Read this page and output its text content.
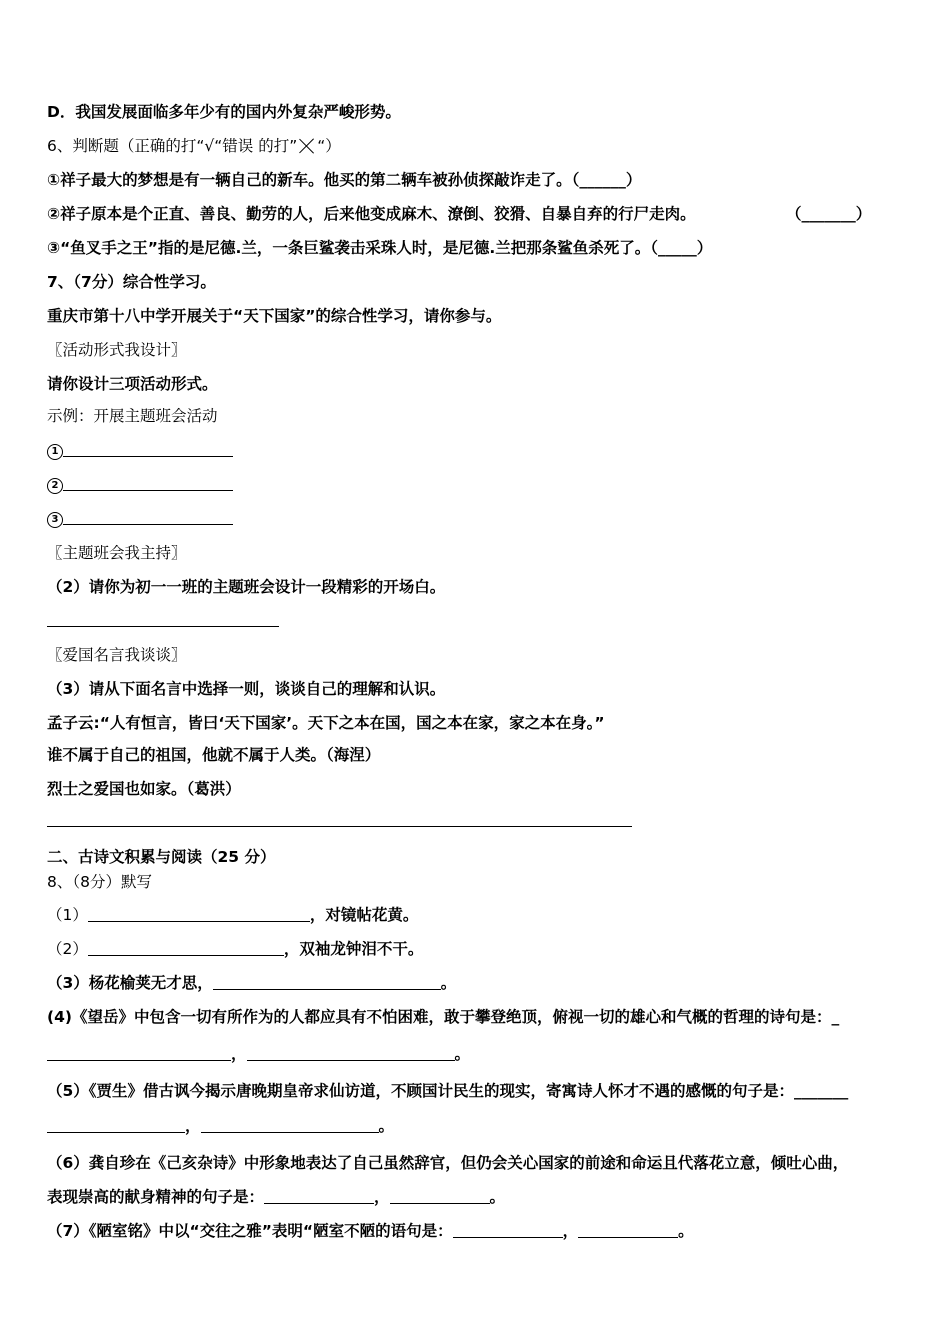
D．我国发展面临多年少有的国内外复杂严峻形势。
6、判断题（正确的打“√“错误 的打” “）
①祥子最大的梦想是有一辆自己的新车。他买的第二辆车被孙侦探敲诈走了。（______）
②祥子原本是个正直、善良、勤劳的人，后来他变成麻木、潦倒、狡猾、自暴自弃的行尸走肉。	（_______）
③“鱼叉手之王”指的是尼德.兰，一条巨鲨袭击采珠人时，是尼德.兰把那条鲨鱼杀死了。（_____）
7、（7分）综合性学习。
重庆市第十八中学开展关于“天下国家”的综合性学习，请你参与。
〖活动形式我设计〗
请你设计三项活动形式。
示例：开展主题班会活动
1
2
3
〖主题班会我主持〗
（2）请你为初一一班的主题班会设计一段精彩的开场白。
〖爱国名言我谈谈〗
（3）请从下面名言中选择一则，谈谈自己的理解和认识。
孟子云:“人有恒言，皆曰‘天下国家’。天下之本在国，国之本在家，家之本在身。”
谁不属于自己的祖国，他就不属于人类。（海涅）
烈士之爱国也如家。（葛洪）
二、古诗文积累与阅读（25 分）
8、（8分）默写
（1）	，对镜帖花黄。
（2）	，双袖龙钟泪不干。
（3）杨花榆荚无才思，	。
(4)《望岳》中包含一切有所作为的人都应具有不怕困难，敢于攀登绝顶，俯视一切的雄心和气概的哲理的诗句是：_
，	。
（5）《贾生》借古讽今揭示唐晚期皇帝求仙访道，不顾国计民生的现实，寄寓诗人怀才不遇的感慨的句子是：_______
，	。
（6）龚自珍在《己亥杂诗》中形象地表达了自己虽然辞官，但仍会关心国家的前途和命运且代落花立意，倾吐心曲，
表现崇高的献身精神的句子是：	，	。
（7）《陋室铭》中以“交往之雅”表明“陋室不陋的语句是：	，	。
